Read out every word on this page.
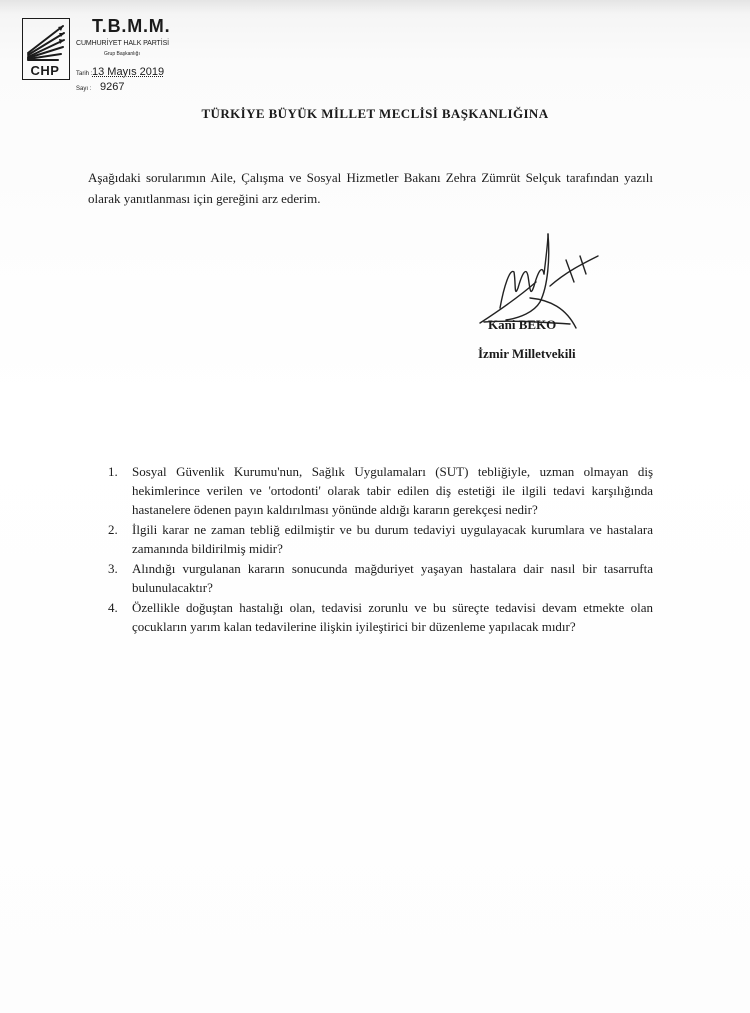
CHP
T.B.M.M.
CUMHURİYET HALK PARTİSİ
Grup Başkanlığı
Tarih :13 Mayıs 2019
Sayı : 9267
TÜRKİYE BÜYÜK MİLLET MECLİSİ BAŞKANLIĞINA
Aşağıdaki sorularımın Aile, Çalışma ve Sosyal Hizmetler Bakanı Zehra Zümrüt Selçuk tarafından yazılı olarak yanıtlanması için gereğini arz ederim.
Kani BEKO
İzmir Milletvekili
1.	Sosyal Güvenlik Kurumu'nun, Sağlık Uygulamaları (SUT) tebliğiyle, uzman olmayan diş hekimlerince verilen ve 'ortodonti' olarak tabir edilen diş estetiği ile ilgili tedavi karşılığında hastanelere ödenen payın kaldırılması yönünde aldığı kararın gerekçesi nedir?
2.	İlgili karar ne zaman tebliğ edilmiştir ve bu durum tedaviyi uygulayacak kurumlara ve hastalara zamanında bildirilmiş midir?
3.	Alındığı vurgulanan kararın sonucunda mağduriyet yaşayan hastalara dair nasıl bir tasarrufta bulunulacaktır?
4.	Özellikle doğuştan hastalığı olan, tedavisi zorunlu ve bu süreçte tedavisi devam etmekte olan çocukların yarım kalan tedavilerine ilişkin iyileştirici bir düzenleme yapılacak mıdır?
